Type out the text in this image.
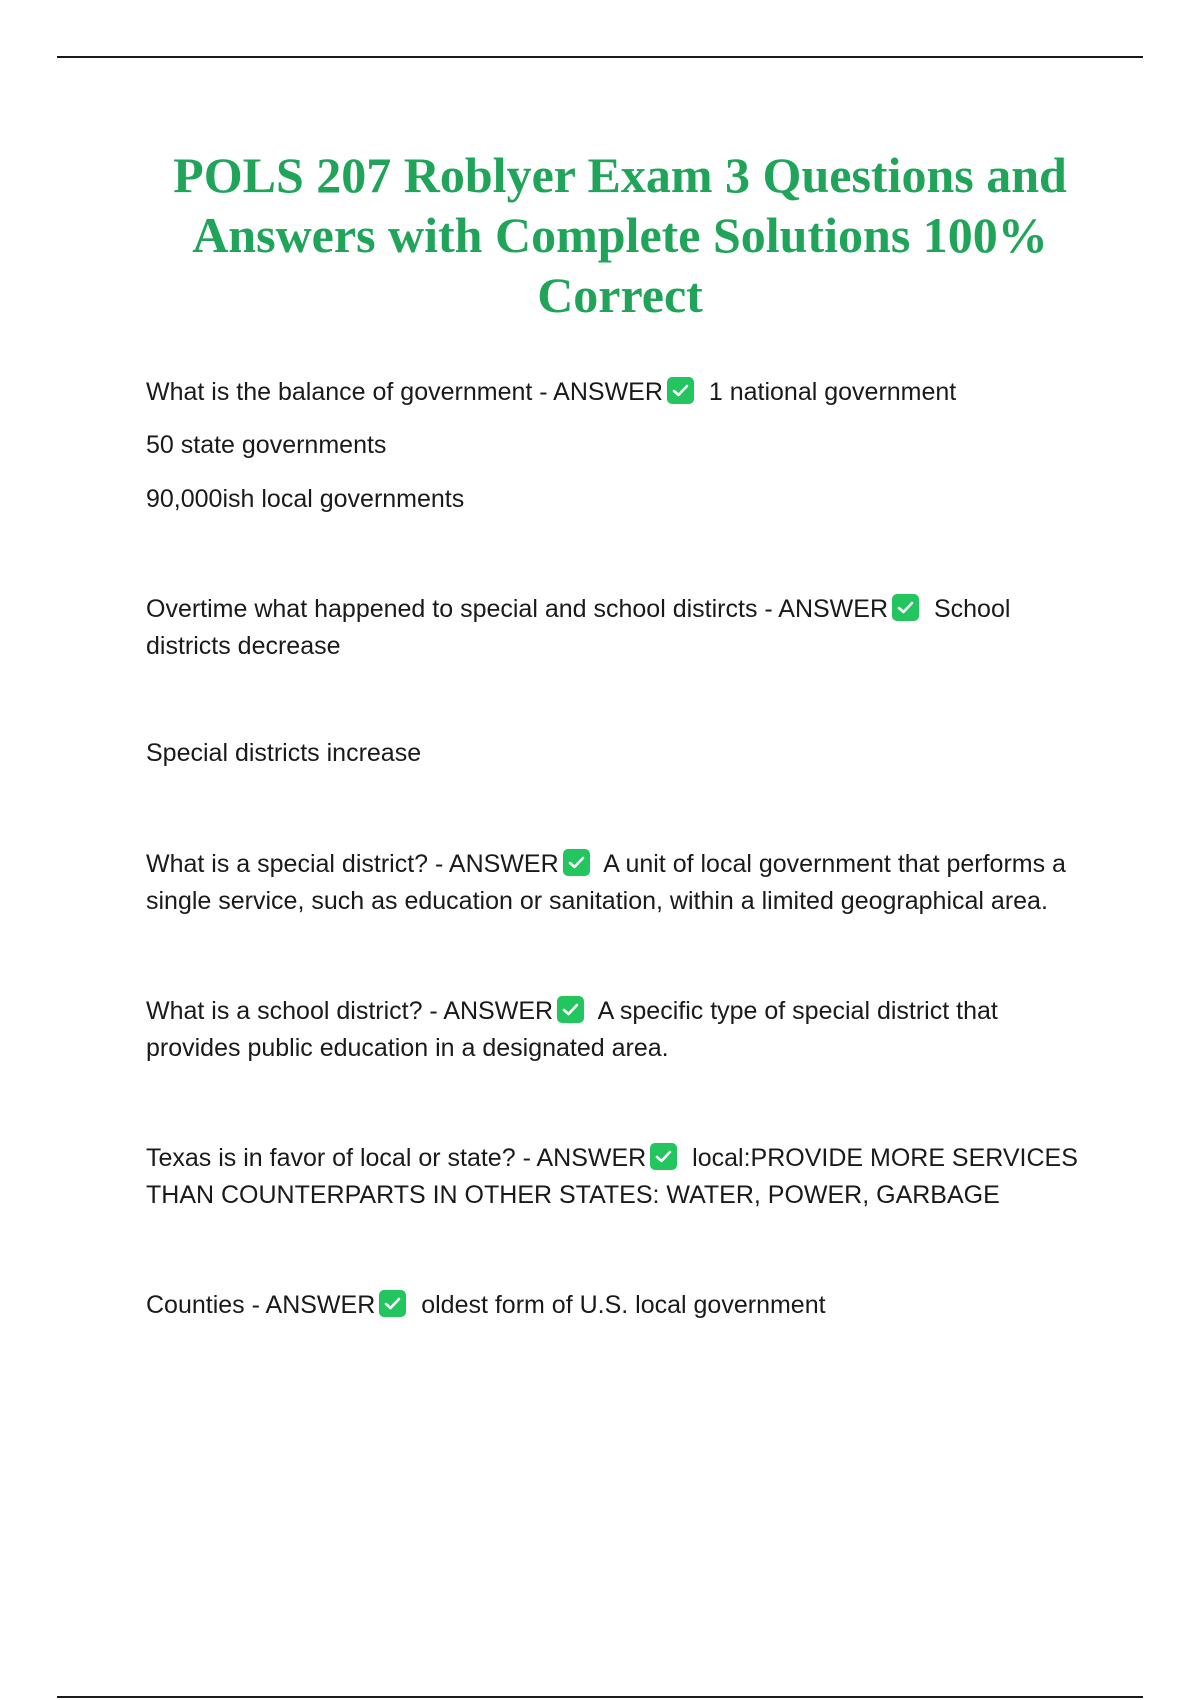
POLS 207 Roblyer Exam 3 Questions and Answers with Complete Solutions 100% Correct

What is the balance of government - ANSWER 1 national government

50 state governments

90,000ish local governments

Overtime what happened to special and school distircts - ANSWER School districts decrease

Special districts increase

What is a special district? - ANSWER A unit of local government that performs a single service, such as education or sanitation, within a limited geographical area.

What is a school district? - ANSWER A specific type of special district that provides public education in a designated area.

Texas is in favor of local or state? - ANSWER local:PROVIDE MORE SERVICES THAN COUNTERPARTS IN OTHER STATES: WATER, POWER, GARBAGE

Counties - ANSWER oldest form of U.S. local government
